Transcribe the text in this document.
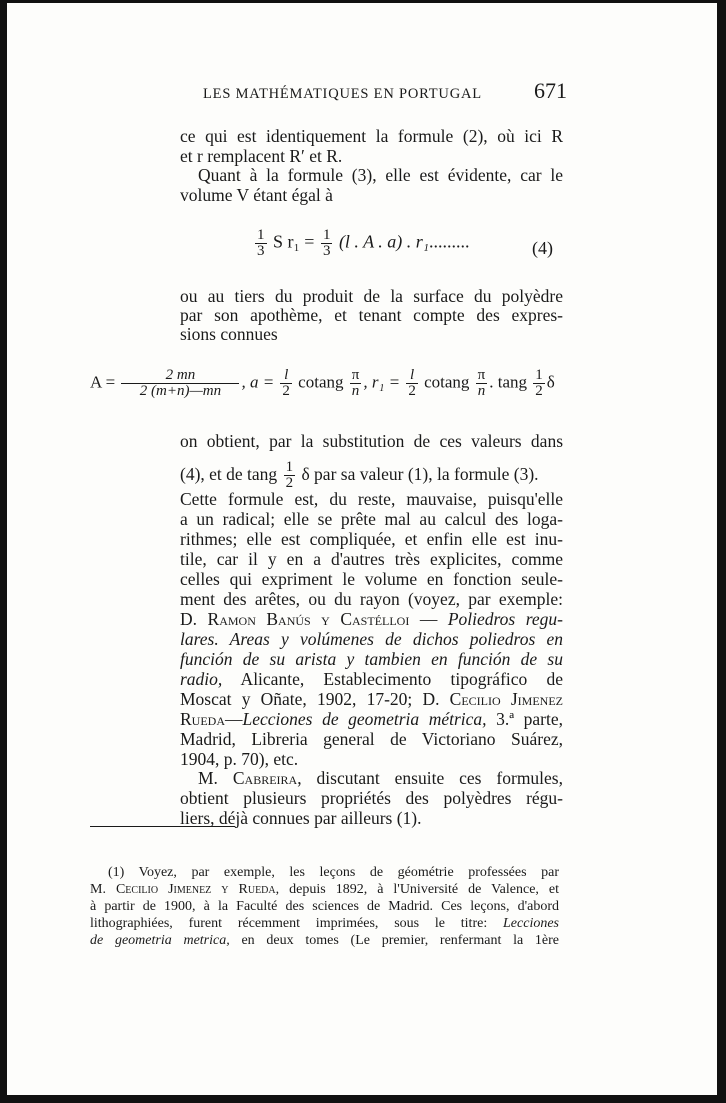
LES MATHÉMATIQUES EN PORTUGAL 671
ce qui est identiquement la formule (2), où ici R
et r remplacent R′ et R.
Quant à la formule (3), elle est évidente, car le
volume V étant égal à
$\frac{1}{3}$ S $r_1 = \frac{1}{3} (l$ . A . a) . r₁.........	(4)
ou au tiers du produit de la surface du polyèdre
par son apothème, et tenant compte des expres-
sions connues
$A = \frac{2 mn}{2 (m+n)—mn}$ , $a = \frac{l}{2}$ cotang $\frac{\pi}{n}$ , $r_1 = \frac{l}{2}$ cotang $\frac{\pi}{n}$ . tang $\frac{1}{2}$ δ
on obtient, par la substitution de ces valeurs dans
(4), et de tang $\frac{1}{2}$ δ par sa valeur (1), la formule (3).
Cette formule est, du reste, mauvaise, puisqu'elle
a un radical; elle se prête mal au calcul des loga-
rithmes; elle est compliquée, et enfin elle est inu-
tile, car il y en a d'autres très explicites, comme
celles qui expriment le volume en fonction seule-
ment des arêtes, ou du rayon (voyez, par exemple:
D. Ramon Banús y Castélloi — Poliedros regu-
lares. Areas y volúmenes de dichos poliedros en
función de su arista y tambien en función de su
radio, Alicante, Establecimento tipográfico de
Moscat y Oñate, 1902, 17-20; D. Cecilio Jimenez
Rueda—Lecciones de geometria métrica, 3.ª parte,
Madrid, Libreria general de Victoriano Suárez,
1904, p. 70), etc.
M. Cabreira, discutant ensuite ces formules,
obtient plusieurs propriétés des polyèdres régu-
liers, déjà connues par ailleurs (1).
(1) Voyez, par exemple, les leçons de géométrie professées par
M. Cecilio Jimenez y Rueda, depuis 1892, à l'Université de Valence, et
à partir de 1900, à la Faculté des sciences de Madrid. Ces leçons, d'abord
lithographiées, furent récemment imprimées, sous le titre: Lecciones
de geometria metrica, en deux tomes (Le premier, renfermant la 1ère
